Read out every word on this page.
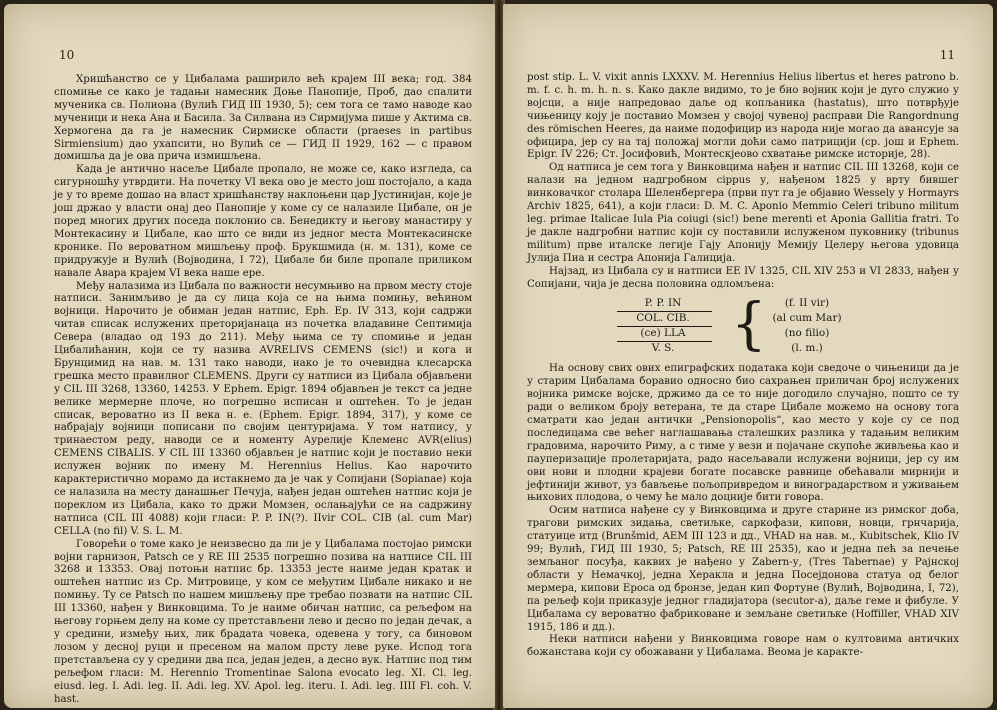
10

Хришћанство се у Цибалама раширило већ крајем III века; год. 384 спомиње се како је тадањи намесник Доње Панопије, Проб, дао спалити мученика св. Полиона (Вулић ГИД III 1930, 5); сем тога се тамо наводе као мученици и нека Ана и Басила. За Силвана из Сирмијума пише у Актима св. Хермогена да га је намесник Сирмиске области (praeses in partibus Sirmiensium) дао ухапсити, но Вулић се — ГИД II 1929, 162 — с правом домишља да је ова прича измишљена.

Када је антично насеље Цибале пропало, не може се, како изгледа, са сигурношћу утврдити. На почетку VI века ово је место још постојало, а када је у то време дошао на власт хришћанству наклоњени цар Јустинијан, које је још држао у власти онај део Панопије у коме су се налазиле Цибале, он је поред многих других поседа поклонио св. Бенедикту и његову манастиру у Монтекасину и Цибале, као што се види из једног места Монтекасинске кронике. По вероватном мишљењу проф. Брукшмида (н. м. 131), коме се придружује и Вулић (Војводина, I 72), Цибале би биле пропале приликом навале Авара крајем VI века наше ере.

Међу налазима из Цибала по важности несумњиво на првом месту стоје натписи. Занимљиво је да су лица која се на њима помињу, већином војници. Нарочито је обиман један натпис, Eph. Ep. IV 313, који садржи читав списак ислужених преторијанаца из почетка владавине Септимија Севера (владао од 193 до 211). Међу њима се ту спомиње и један Цибалићанин, који се ту назива AVRELIVS CEMENS (sic!) и кога и Брунцимид на нав. м. 131 тако наводи, иако је то очевидна клесарска грешка место правилног CLEMENS. Други су натписи из Цибала објављени у CIL III 3268, 13360, 14253. У Ephem. Epigr. 1894 објављен је текст са једне велике мермерне плоче, но погрешно исписан и оштећен. То је један списак, вероватно из II века н. е. (Ephem. Epigr. 1894, 317), у коме се набрајају војници пописани по својим центуријама. У том натпису, у тринаестом реду, наводи се и номенту Аурелије Клеменс AVR(elius) CEMENS CIBALIS. У CIL III 13360 објављен је натпис који је поставио неки ислужен војник по имену M. Herennius Helius. Као нарочито карактеристично морамо да истакнемо да је чак у Сопијани (Sopianae) која се налазила на месту данашњег Печуја, нађен један оштећен натпис који је пореклом из Цибала, како то држи Момзен, ослањајући се на садржину натписа (CIL III 4088) који гласи: P. P. IN(?). IIvir COL. CIB (al. cum Mar) CELLA (no fil) V. S. L. M.

Говорећи о томе како је неизвесно да ли је у Цибалама постојао римски војни гарнизон, Patsch се у RE III 2535 погрешно позива на натписе CIL III 3268 и 13353. Овај потоњи натпис бр. 13353 јесте наиме један кратак и оштећен натпис из Ср. Митровице, у ком се међутим Цибале никако и не помињу. Ту се Patsch по нашем мишљењу пре требао позвати на натпис CIL III 13360, нађен у Винковцима. То је наиме обичан натпис, са рељефом на његову горњем делу на коме су претстављени лево и десно по један дечак, а у средини, између њих, лик брадата човека, одевена у тогу, са биновом лозом у десној руци и пресеном на малом прсту леве руке. Испод тога претстављена су у средини два пса, један једен, а десно вук. Натпис под тим рељефом гласи: M. Herennio Tromentinae Salona evocato leg. XI. Cl. leg. eiusd. leg. I. Adi. leg. II. Adi. leg. XV. Apol. leg. iteru. I. Adi. leg. IIII Fl. coh. V. hast.

11

post stip. L. V. vixit annis LXXXV. M. Herennius Helius libertus et heres patrono b. m. f. c. h. m. h. n. s. Како дакле видимо, то је био војник који је дуго служио у војсци, а није напредовао даље од копљаника (hastatus), што потврђује чињеницу коју је поставио Момзен у својој чувеној расправи Die Rangordnung des römischen Heeres, да наиме подофицир из народа није могао да авансује за официра, јер су на тај положај могли доћи само патрицији (ср. још и Ephem. Epigr. IV 226; Ст. Јосифовић, Монтескјеово схватање римске историје, 28).

Од натписа је сем тога у Винковцима нађен и натпис CIL III 13268, који се налази на једном надгробном cippus у, нађеном 1825 у врту бившег винковачког столара Шеленбергера (први пут га је објавио Wessely у Hormayrs Archiv 1825, 641), а који гласи: D. M. C. Aponio Memmio Celeri tribuno militum leg. primae Italicae Iula Pia coiugi (sic!) bene merenti et Aponia Gallitia fratri. То је дакле надгробни натпис који су поставили ислуженом пуковнику (tribunus militum) прве италске легије Гају Апонију Мемију Целеру његова удовица Јулија Пиа и сестра Апонија Галиција.

Најзад, из Цибала су и натписи EE IV 1325, CIL XIV 253 и VI 2833, нађен у Сопијани, чија је десна половина одломљена:

P. P. IN
COL. CIB.
(ce) LLA
V. S.	{	(f. II vir)
(al cum Mar)
(no filio)
(l. m.)

На основу свих ових епиграфских података који сведоче о чињеници да је у старим Цибалама боравио односно био сахрањен приличан број ислужених војника римске војске, држимо да се то није догодило случајно, пошто се ту ради о великом броју ветерана, те да старе Цибале можемо на основу тога сматрати као један антички „Pensionopolis“, као место у које су се под последицама све већег наглашавања сталешких разлика у тадањим великим градовима, нарочито Риму, а с тиме у вези и појачане скупоће живљења као и пауперизације пролетаријата, радо насељавали ислужени војници, јер су им ови нови и плодни крајеви богате посавске равнице обећавали мирнији и јефтинији живот, уз бављење пољопривредом и виноградарством и уживањем њихових плодова, о чему ће мало доцније бити говора.

Осим натписа нађене су у Винковцима и друге старине из римског доба, трагови римских зидања, светиљке, саркофази, кипови, новци, грнчарија, статуице итд (Brunšmid, AEM III 123 и дд., VHAD на нав. м., Kubitschek, Klio IV 99; Вулић, ГИД III 1930, 5; Patsch, RE III 2535), као и једна пећ за печење земљаног посуђа, каквих је нађено у Zabern-у, (Tres Tabernae) у Рајнској области у Немачкој, једна Херакла и једна Посејдонова статуа од белог мермера, кипови Ероса од бронзе, један кип Фортуне (Вулић, Војводина, I, 72), па рељеф који приказује једног гладијатора (secutor-a), даље геме и фибуле. У Цибалама су вероватно фабриковане и земљане светиљке (Hoffiller, VHAD XIV 1915, 186 и дд.).

Неки натписи нађени у Винковцима говоре нам о култовима античких божанстава који су обожавани у Цибалама. Веома је каракте-
